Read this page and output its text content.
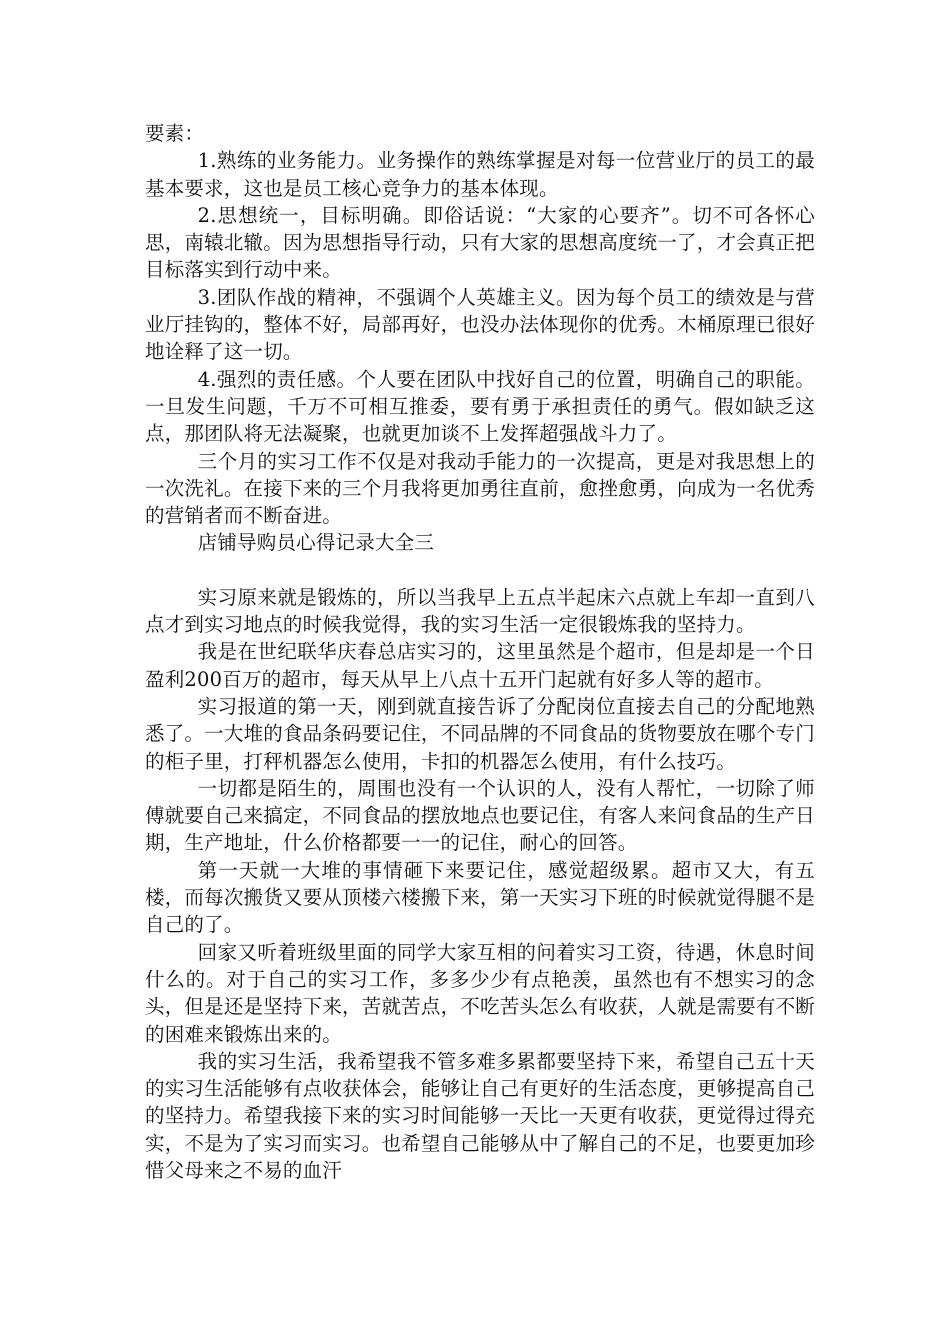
要素：

1.熟练的业务能力。业务操作的熟练掌握是对每一位营业厅的员工的最基本要求，这也是员工核心竞争力的基本体现。

2.思想统一，目标明确。即俗话说：“大家的心要齐”。切不可各怀心思，南辕北辙。因为思想指导行动，只有大家的思想高度统一了，才会真正把目标落实到行动中来。

3.团队作战的精神，不强调个人英雄主义。因为每个员工的绩效是与营业厅挂钩的，整体不好，局部再好，也没办法体现你的优秀。木桶原理已很好地诠释了这一切。

4.强烈的责任感。个人要在团队中找好自己的位置，明确自己的职能。一旦发生问题，千万不可相互推委，要有勇于承担责任的勇气。假如缺乏这点，那团队将无法凝聚，也就更加谈不上发挥超强战斗力了。

三个月的实习工作不仅是对我动手能力的一次提高，更是对我思想上的一次洗礼。在接下来的三个月我将更加勇往直前，愈挫愈勇，向成为一名优秀的营销者而不断奋进。

店铺导购员心得记录大全三

实习原来就是锻炼的，所以当我早上五点半起床六点就上车却一直到八点才到实习地点的时候我觉得，我的实习生活一定很锻炼我的坚持力。

我是在世纪联华庆春总店实习的，这里虽然是个超市，但是却是一个日盈利200百万的超市，每天从早上八点十五开门起就有好多人等的超市。

实习报道的第一天，刚到就直接告诉了分配岗位直接去自己的分配地熟悉了。一大堆的食品条码要记住，不同品牌的不同食品的货物要放在哪个专门的柜子里，打秤机器怎么使用，卡扣的机器怎么使用，有什么技巧。

一切都是陌生的，周围也没有一个认识的人，没有人帮忙，一切除了师傅就要自己来搞定，不同食品的摆放地点也要记住，有客人来问食品的生产日期，生产地址，什么价格都要一一的记住，耐心的回答。

第一天就一大堆的事情砸下来要记住，感觉超级累。超市又大，有五楼，而每次搬货又要从顶楼六楼搬下来，第一天实习下班的时候就觉得腿不是自己的了。

回家又听着班级里面的同学大家互相的问着实习工资，待遇，休息时间什么的。对于自己的实习工作，多多少少有点艳羡，虽然也有不想实习的念头，但是还是坚持下来，苦就苦点，不吃苦头怎么有收获，人就是需要有不断的困难来锻炼出来的。

我的实习生活，我希望我不管多难多累都要坚持下来，希望自己五十天的实习生活能够有点收获体会，能够让自己有更好的生活态度，更够提高自己的坚持力。希望我接下来的实习时间能够一天比一天更有收获，更觉得过得充实，不是为了实习而实习。也希望自己能够从中了解自己的不足，也要更加珍惜父母来之不易的血汗
